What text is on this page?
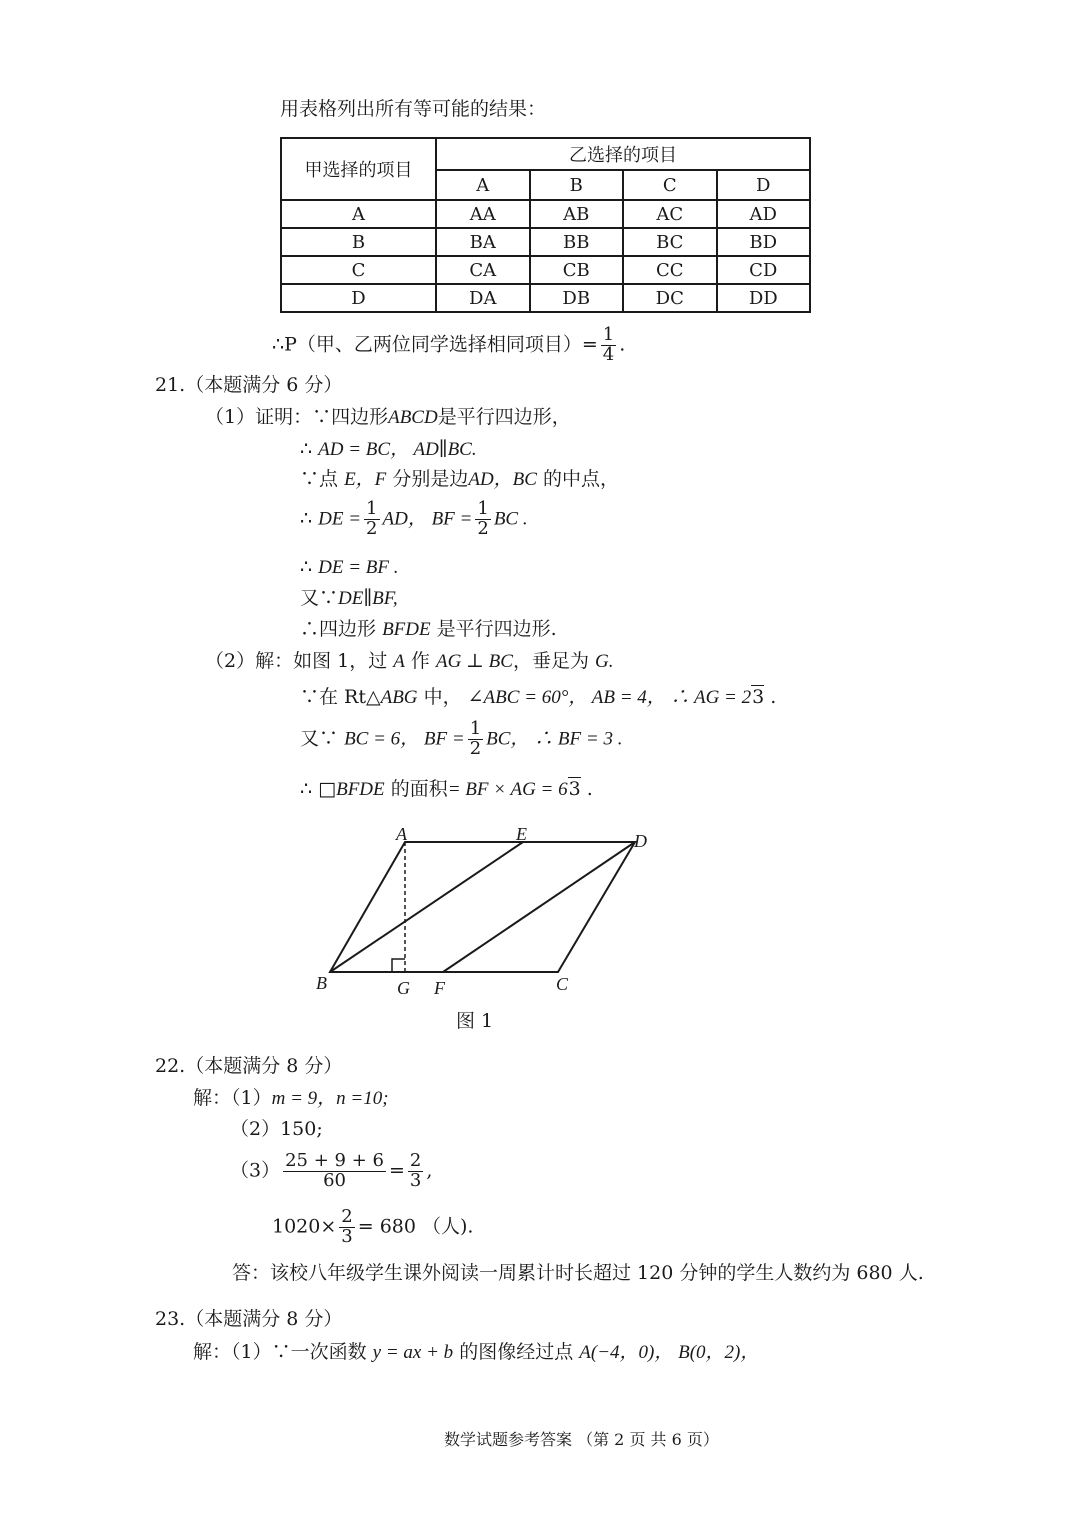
用表格列出所有等可能的结果：
甲选择的项目	乙选择的项目			
	A	B	C	D
A	AA	AB	AC	AD
B	BA	BB	BC	BD
C	CA	CB	CC	CD
D	DA	DB	DC	DD
∴P（甲、乙两位同学选择相同项目）= $\frac{1}{4}$ .
21.（本题满分 6 分）
（1）证明：∵四边形ABCD是平行四边形，
∴ AD = BC， AD∥BC.
∵点 E，F 分别是边AD，BC 的中点，
∴ DE = $\frac{1}{2}$ AD， BF = $\frac{1}{2}$ BC .
∴ DE = BF .
又∵DE∥BF,
∴四边形 BFDE 是平行四边形.
（2）解：如图 1，过 A 作 AG ⊥ BC，垂足为 G.
∵在 Rt△ABG 中， ∠ABC = 60°， AB = 4， ∴ AG = 23 .
又∵ BC = 6， BF = $\frac{1}{2}$ BC， ∴ BF = 3 .
∴ □BFDE 的面积= BF × AG = 63 .
A	E	D
B	G F	C
图 1
22.（本题满分 8 分）
解：（1）m = 9，n =10;
（2）150;
$(3) \frac{25 + 9 + 6}{60} = \frac{2}{3}$ ,
$1020\times \frac{2}{3} = 680$ （人).
答：该校八年级学生课外阅读一周累计时长超过 120 分钟的学生人数约为 680 人.
23.（本题满分 8 分）
解：（1）∵一次函数 y = ax + b 的图像经过点 A(−4，0)， B(0，2)，
数学试题参考答案 （第 2 页 共 6 页）
